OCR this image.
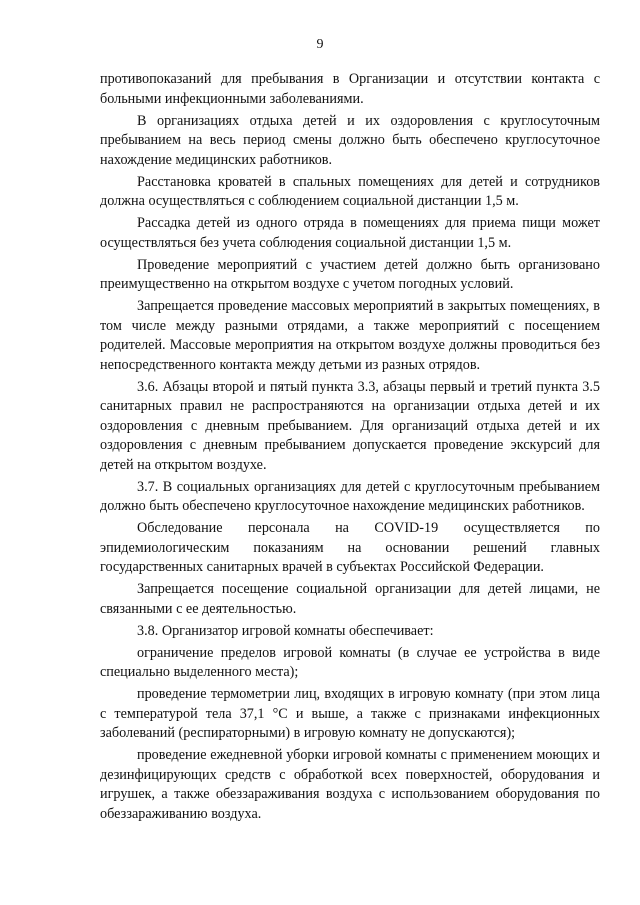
9

противопоказаний для пребывания в Организации и отсутствии контакта с больными инфекционными заболеваниями.

В организациях отдыха детей и их оздоровления с круглосуточным пребыванием на весь период смены должно быть обеспечено круглосуточное нахождение медицинских работников.

Расстановка кроватей в спальных помещениях для детей и сотрудников должна осуществляться с соблюдением социальной дистанции 1,5 м.

Рассадка детей из одного отряда в помещениях для приема пищи может осуществляться без учета соблюдения социальной дистанции 1,5 м.

Проведение мероприятий с участием детей должно быть организовано преимущественно на открытом воздухе с учетом погодных условий.

Запрещается проведение массовых мероприятий в закрытых помещениях, в том числе между разными отрядами, а также мероприятий с посещением родителей. Массовые мероприятия на открытом воздухе должны проводиться без непосредственного контакта между детьми из разных отрядов.

3.6. Абзацы второй и пятый пункта 3.3, абзацы первый и третий пункта 3.5 санитарных правил не распространяются на организации отдыха детей и их оздоровления с дневным пребыванием. Для организаций отдыха детей и их оздоровления с дневным пребыванием допускается проведение экскурсий для детей на открытом воздухе.

3.7. В социальных организациях для детей с круглосуточным пребыванием должно быть обеспечено круглосуточное нахождение медицинских работников.

Обследование персонала на COVID-19 осуществляется по эпидемиологическим показаниям на основании решений главных государственных санитарных врачей в субъектах Российской Федерации.

Запрещается посещение социальной организации для детей лицами, не связанными с ее деятельностью.

3.8. Организатор игровой комнаты обеспечивает:

ограничение пределов игровой комнаты (в случае ее устройства в виде специально выделенного места);

проведение термометрии лиц, входящих в игровую комнату (при этом лица с температурой тела 37,1 °С и выше, а также с признаками инфекционных заболеваний (респираторными) в игровую комнату не допускаются);

проведение ежедневной уборки игровой комнаты с применением моющих и дезинфицирующих средств с обработкой всех поверхностей, оборудования и игрушек, а также обеззараживания воздуха с использованием оборудования по обеззараживанию воздуха.
